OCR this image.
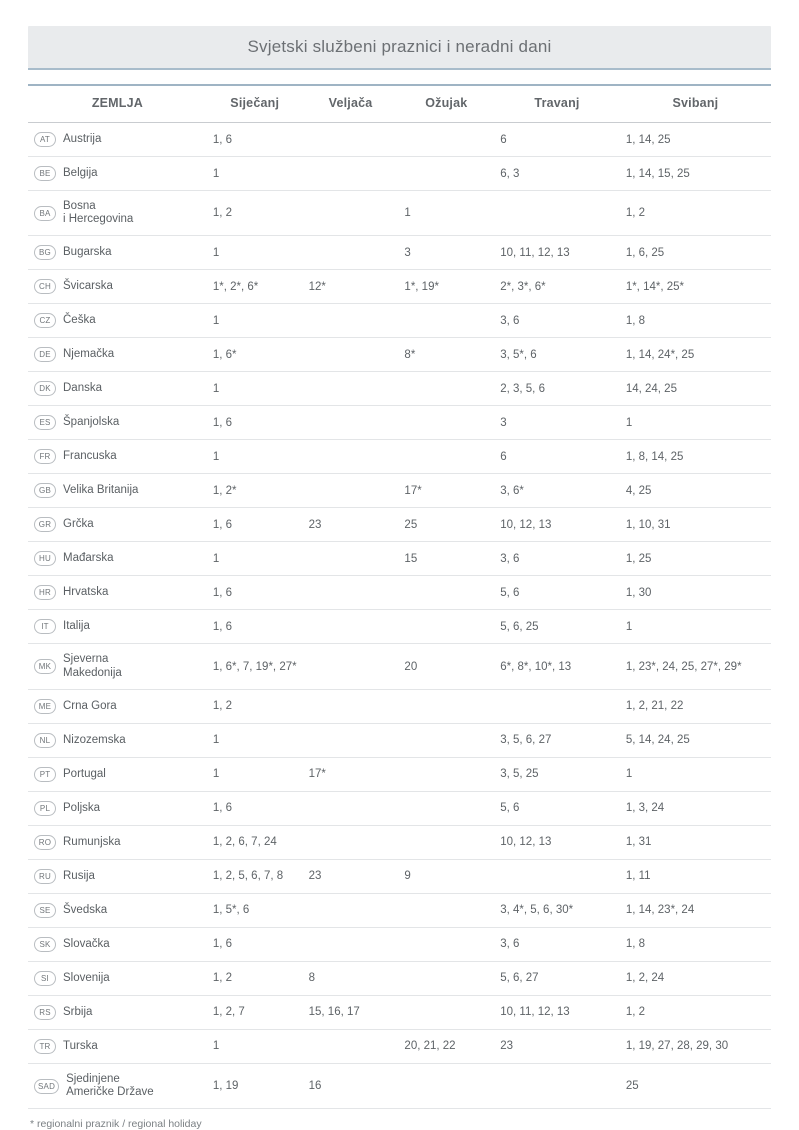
Svjetski službeni praznici i neradni dani
ZEMLJA	Siječanj	Veljača	Ožujak	Travanj	Svibanj

AT Austrija	1, 6			6	1, 14, 25

BE Belgija	1			6, 3	1, 14, 15, 25

BA
Bosna
i Hercegovina	1, 2		1		1, 2

BG Bugarska	1		3	10, 11, 12, 13	1, 6, 25

CH Švicarska	1*, 2*, 6*	12*	1*, 19*	2*, 3*, 6*	1*, 14*, 25*

CZ Češka	1			3, 6	1, 8

DE Njemačka	1, 6*		8*	3, 5*, 6	1, 14, 24*, 25

DK Danska	1			2, 3, 5, 6	14, 24, 25

ES Španjolska	1, 6			3	1

FR Francuska	1			6	1, 8, 14, 25

GB Velika Britanija	1, 2*		17*	3, 6*	4, 25

GR Grčka	1, 6	23	25	10, 12, 13	1, 10, 31

HU Mađarska	1		15	3, 6	1, 25

HR Hrvatska	1, 6			5, 6	1, 30

IT Italija	1, 6			5, 6, 25	1

MK
Sjeverna
Makedonija	1, 6*, 7, 19*, 27*		20	6*, 8*, 10*, 13	1, 23*, 24, 25, 27*, 29*

ME Crna Gora	1, 2				1, 2, 21, 22

NL Nizozemska	1			3, 5, 6, 27	5, 14, 24, 25

PT Portugal	1	17*		3, 5, 25	1

PL Poljska	1, 6			5, 6	1, 3, 24

RO Rumunjska	1, 2, 6, 7, 24			10, 12, 13	1, 31

RU Rusija	1, 2, 5, 6, 7, 8	23	9		1, 11

SE Švedska	1, 5*, 6			3, 4*, 5, 6, 30*	1, 14, 23*, 24

SK Slovačka	1, 6			3, 6	1, 8

SI Slovenija	1, 2	8		5, 6, 27	1, 2, 24

RS Srbija	1, 2, 7	15, 16, 17		10, 11, 12, 13	1, 2

TR Turska	1		20, 21, 22	23	1, 19, 27, 28, 29, 30

SAD
Sjedinjene
Američke Države	1, 19	16			25
* regionalni praznik / regional holiday
